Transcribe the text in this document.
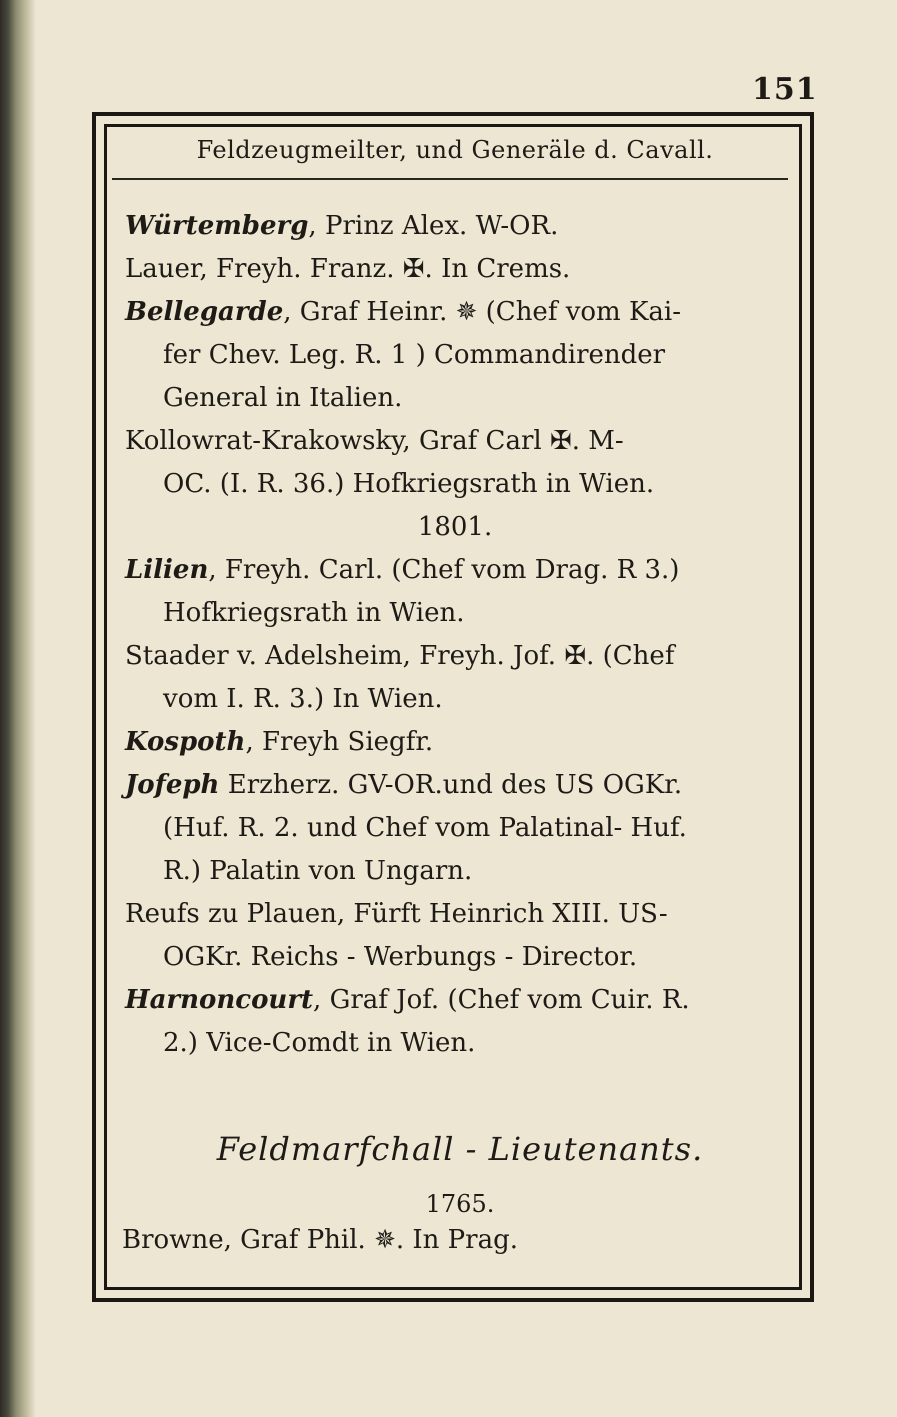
151
Feldzeugmeilter, und Generäle d. Cavall.
Würtemberg, Prinz Alex. W-OR.
Lauer, Freyh. Franz. ✠. In Crems.
Bellegarde, Graf Heinr. ✵ (Chef vom Kai-
fer Chev. Leg. R. 1 ) Commandirender
General in Italien.
Kollowrat-Krakowsky, Graf Carl ✠. M-
OC. (I. R. 36.) Hofkriegsrath in Wien.
1801.
Lilien, Freyh. Carl. (Chef vom Drag. R 3.)
Hofkriegsrath in Wien.
Staader v. Adelsheim, Freyh. Jof. ✠. (Chef
vom I. R. 3.) In Wien.
Kospoth, Freyh Siegfr.
Jofeph Erzherz. GV-OR.und des US OGKr.
(Huf. R. 2. und Chef vom Palatinal- Huf.
R.) Palatin von Ungarn.
Reufs zu Plauen, Fürft Heinrich XIII. US-
OGKr. Reichs - Werbungs - Director.
Harnoncourt, Graf Jof. (Chef vom Cuir. R.
2.) Vice-Comdt in Wien.
Feldmarfchall - Lieutenants.
1765.
Browne, Graf Phil. ✵. In Prag.
